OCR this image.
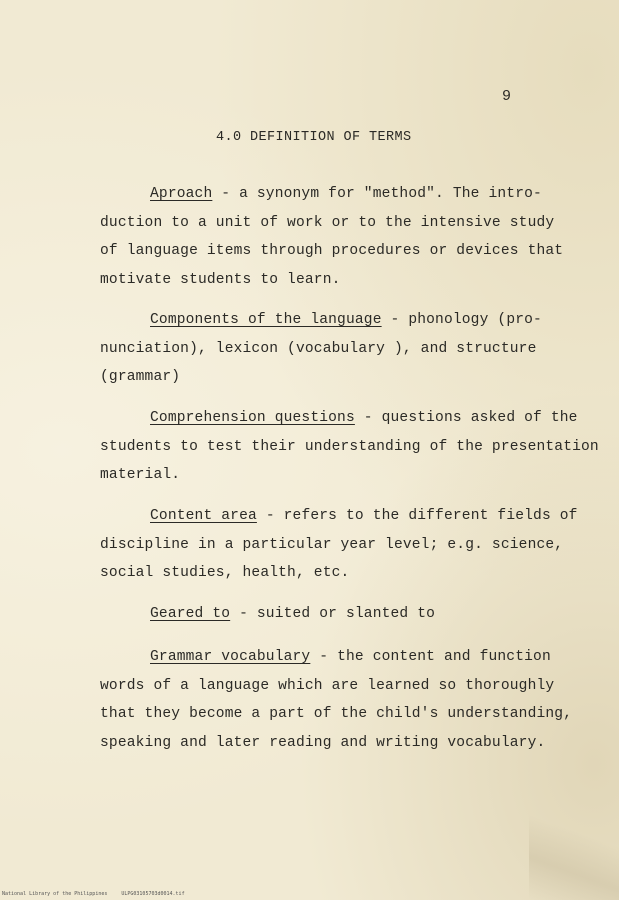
9
4.0 DEFINITION OF TERMS
Aproach - a synonym for "method". The intro-
duction to a unit of work or to the intensive study
of language items through procedures or devices that
motivate students to learn.
Components of the language - phonology (pro-
nunciation), lexicon (vocabulary ), and structure
(grammar)
Comprehension questions - questions asked of the
students to test their understanding of the presentation
material.
Content area - refers to the different fields of
discipline in a particular year level; e.g. science,
social studies, health, etc.
Geared to - suited or slanted to
Grammar vocabulary - the content and function
words of a language which are learned so thoroughly
that they become a part of the child's understanding,
speaking and later reading and writing vocabulary.
National Library of the Philippines	ULPG03105703d0014.tif
